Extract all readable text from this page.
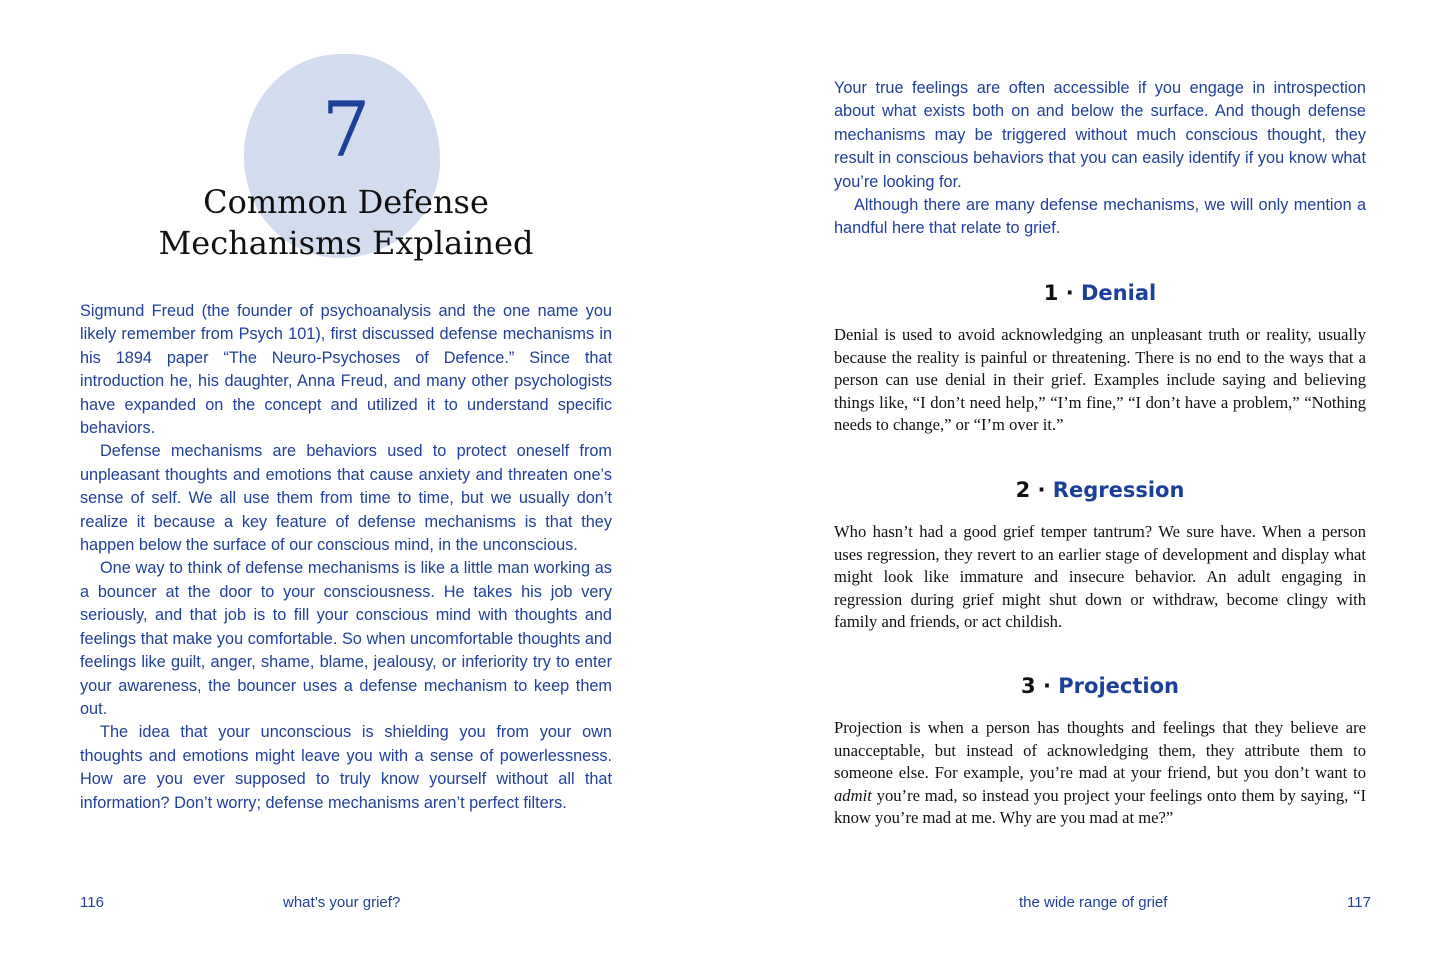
7
Common Defense
Mechanisms Explained

Sigmund Freud (the founder of psychoanalysis and the one name you likely remember from Psych 101), first discussed defense mechanisms in his 1894 paper “The Neuro-Psychoses of Defence.” Since that introduction he, his daughter, Anna Freud, and many other psychologists have expanded on the concept and utilized it to understand specific behaviors.

Defense mechanisms are behaviors used to protect oneself from unpleasant thoughts and emotions that cause anxiety and threaten one’s sense of self. We all use them from time to time, but we usually don’t realize it because a key feature of defense mechanisms is that they happen below the surface of our conscious mind, in the unconscious.

One way to think of defense mechanisms is like a little man working as a bouncer at the door to your consciousness. He takes his job very seriously, and that job is to fill your conscious mind with thoughts and feelings that make you comfortable. So when uncomfortable thoughts and feelings like guilt, anger, shame, blame, jealousy, or inferiority try to enter your awareness, the bouncer uses a defense mechanism to keep them out.

The idea that your unconscious is shielding you from your own thoughts and emotions might leave you with a sense of powerlessness. How are you ever supposed to truly know yourself without all that information? Don’t worry; defense mechanisms aren’t perfect filters.

116	what’s your grief?

Your true feelings are often accessible if you engage in introspection about what exists both on and below the surface. And though defense mechanisms may be triggered without much conscious thought, they result in conscious behaviors that you can easily identify if you know what you’re looking for.

Although there are many defense mechanisms, we will only mention a handful here that relate to grief.

1 · Denial

Denial is used to avoid acknowledging an unpleasant truth or reality, usually because the reality is painful or threatening. There is no end to the ways that a person can use denial in their grief. Examples include saying and believing things like, “I don’t need help,” “I’m fine,” “I don’t have a problem,” “Nothing needs to change,” or “I’m over it.”

2 · Regression

Who hasn’t had a good grief temper tantrum? We sure have. When a person uses regression, they revert to an earlier stage of development and display what might look like immature and insecure behavior. An adult engaging in regression during grief might shut down or withdraw, become clingy with family and friends, or act childish.

3 · Projection

Projection is when a person has thoughts and feelings that they believe are unacceptable, but instead of acknowledging them, they attribute them to someone else. For example, you’re mad at your friend, but you don’t want to admit you’re mad, so instead you project your feelings onto them by saying, “I know you’re mad at me. Why are you mad at me?”

the wide range of grief	117
